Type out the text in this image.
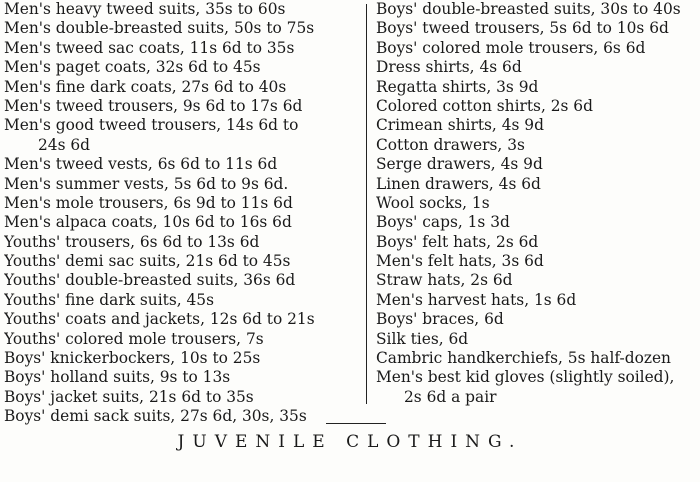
Men's heavy tweed suits, 35s to 60s
Men's double-breasted suits, 50s to 75s
Men's tweed sac coats, 11s 6d to 35s
Men's paget coats, 32s 6d to 45s
Men's fine dark coats, 27s 6d to 40s
Men's tweed trousers, 9s 6d to 17s 6d
Men's good tweed trousers, 14s 6d to
24s 6d
Men's tweed vests, 6s 6d to 11s 6d
Men's summer vests, 5s 6d to 9s 6d.
Men's mole trousers, 6s 9d to 11s 6d
Men's alpaca coats, 10s 6d to 16s 6d
Youths' trousers, 6s 6d to 13s 6d
Youths' demi sac suits, 21s 6d to 45s
Youths' double-breasted suits, 36s 6d
Youths' fine dark suits, 45s
Youths' coats and jackets, 12s 6d to 21s
Youths' colored mole trousers, 7s
Boys' knickerbockers, 10s to 25s
Boys' holland suits, 9s to 13s
Boys' jacket suits, 21s 6d to 35s
Boys' demi sack suits, 27s 6d, 30s, 35s
Boys' double-breasted suits, 30s to 40s
Boys' tweed trousers, 5s 6d to 10s 6d
Boys' colored mole trousers, 6s 6d
Dress shirts, 4s 6d
Regatta shirts, 3s 9d
Colored cotton shirts, 2s 6d
Crimean shirts, 4s 9d
Cotton drawers, 3s
Serge drawers, 4s 9d
Linen drawers, 4s 6d
Wool socks, 1s
Boys' caps, 1s 3d
Boys' felt hats, 2s 6d
Men's felt hats, 3s 6d
Straw hats, 2s 6d
Men's harvest hats, 1s 6d
Boys' braces, 6d
Silk ties, 6d
Cambric handkerchiefs, 5s half-dozen
Men's best kid gloves (slightly soiled),
2s 6d a pair
JUVENILE CLOTHING.
